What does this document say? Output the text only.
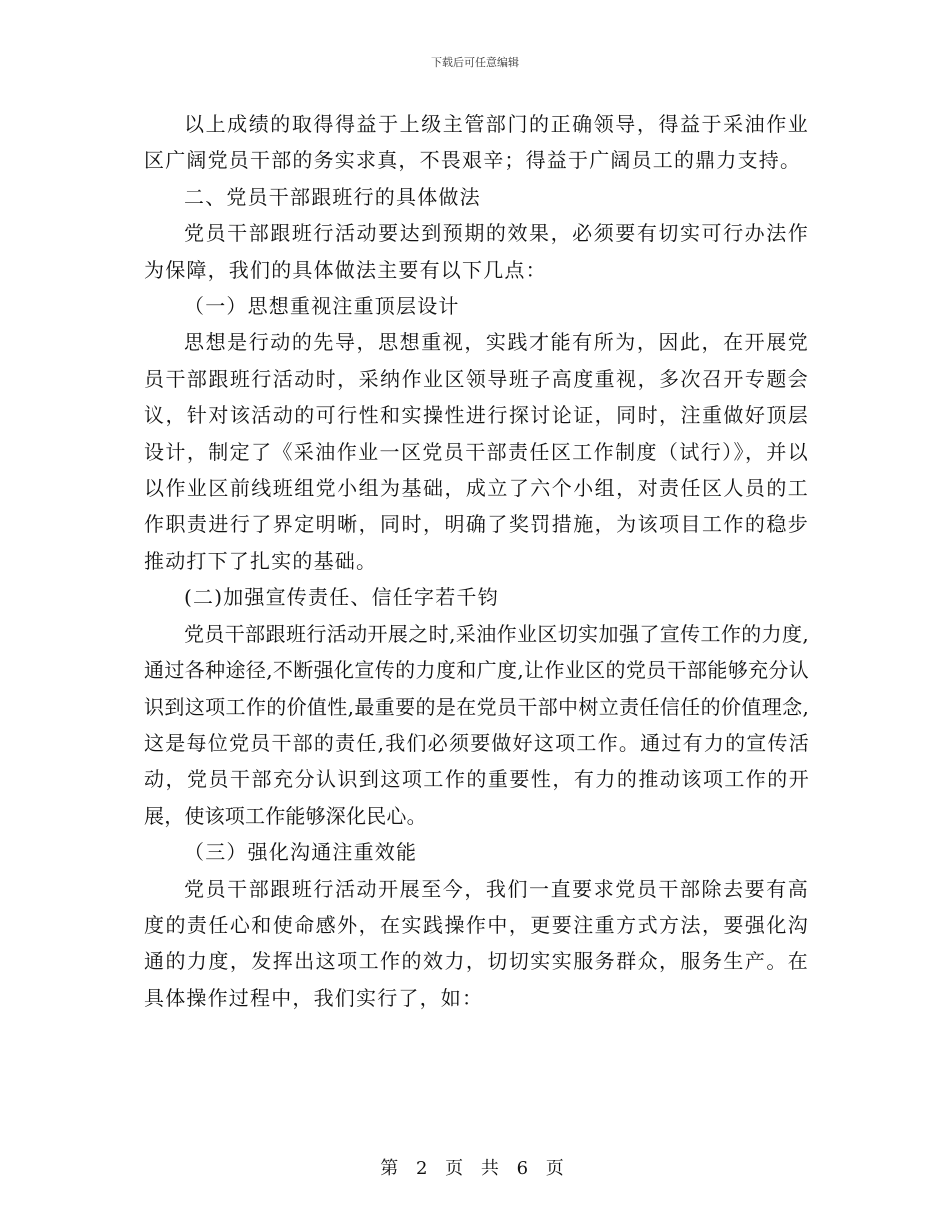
下载后可任意编辑

以上成绩的取得得益于上级主管部门的正确领导，得益于采油作业区广阔党员干部的务实求真，不畏艰辛；得益于广阔员工的鼎力支持。

二、党员干部跟班行的具体做法

党员干部跟班行活动要达到预期的效果，必须要有切实可行办法作为保障，我们的具体做法主要有以下几点：

（一）思想重视注重顶层设计

思想是行动的先导，思想重视，实践才能有所为，因此，在开展党员干部跟班行活动时，采纳作业区领导班子高度重视，多次召开专题会议，针对该活动的可行性和实操性进行探讨论证，同时，注重做好顶层设计，制定了《采油作业一区党员干部责任区工作制度（试行）》，并以以作业区前线班组党小组为基础，成立了六个小组，对责任区人员的工作职责进行了界定明晰，同时，明确了奖罚措施，为该项目工作的稳步推动打下了扎实的基础。

(二)加强宣传责任、信任字若千钧

党员干部跟班行活动开展之时,采油作业区切实加强了宣传工作的力度,通过各种途径,不断强化宣传的力度和广度,让作业区的党员干部能够充分认识到这项工作的价值性,最重要的是在党员干部中树立责任信任的价值理念,这是每位党员干部的责任,我们必须要做好这项工作。通过有力的宣传活动，党员干部充分认识到这项工作的重要性，有力的推动该项工作的开展，使该项工作能够深化民心。

（三）强化沟通注重效能

党员干部跟班行活动开展至今，我们一直要求党员干部除去要有高度的责任心和使命感外，在实践操作中，更要注重方式方法，要强化沟通的力度，发挥出这项工作的效力，切切实实服务群众，服务生产。在具体操作过程中，我们实行了，如：

第 2 页 共 6 页
